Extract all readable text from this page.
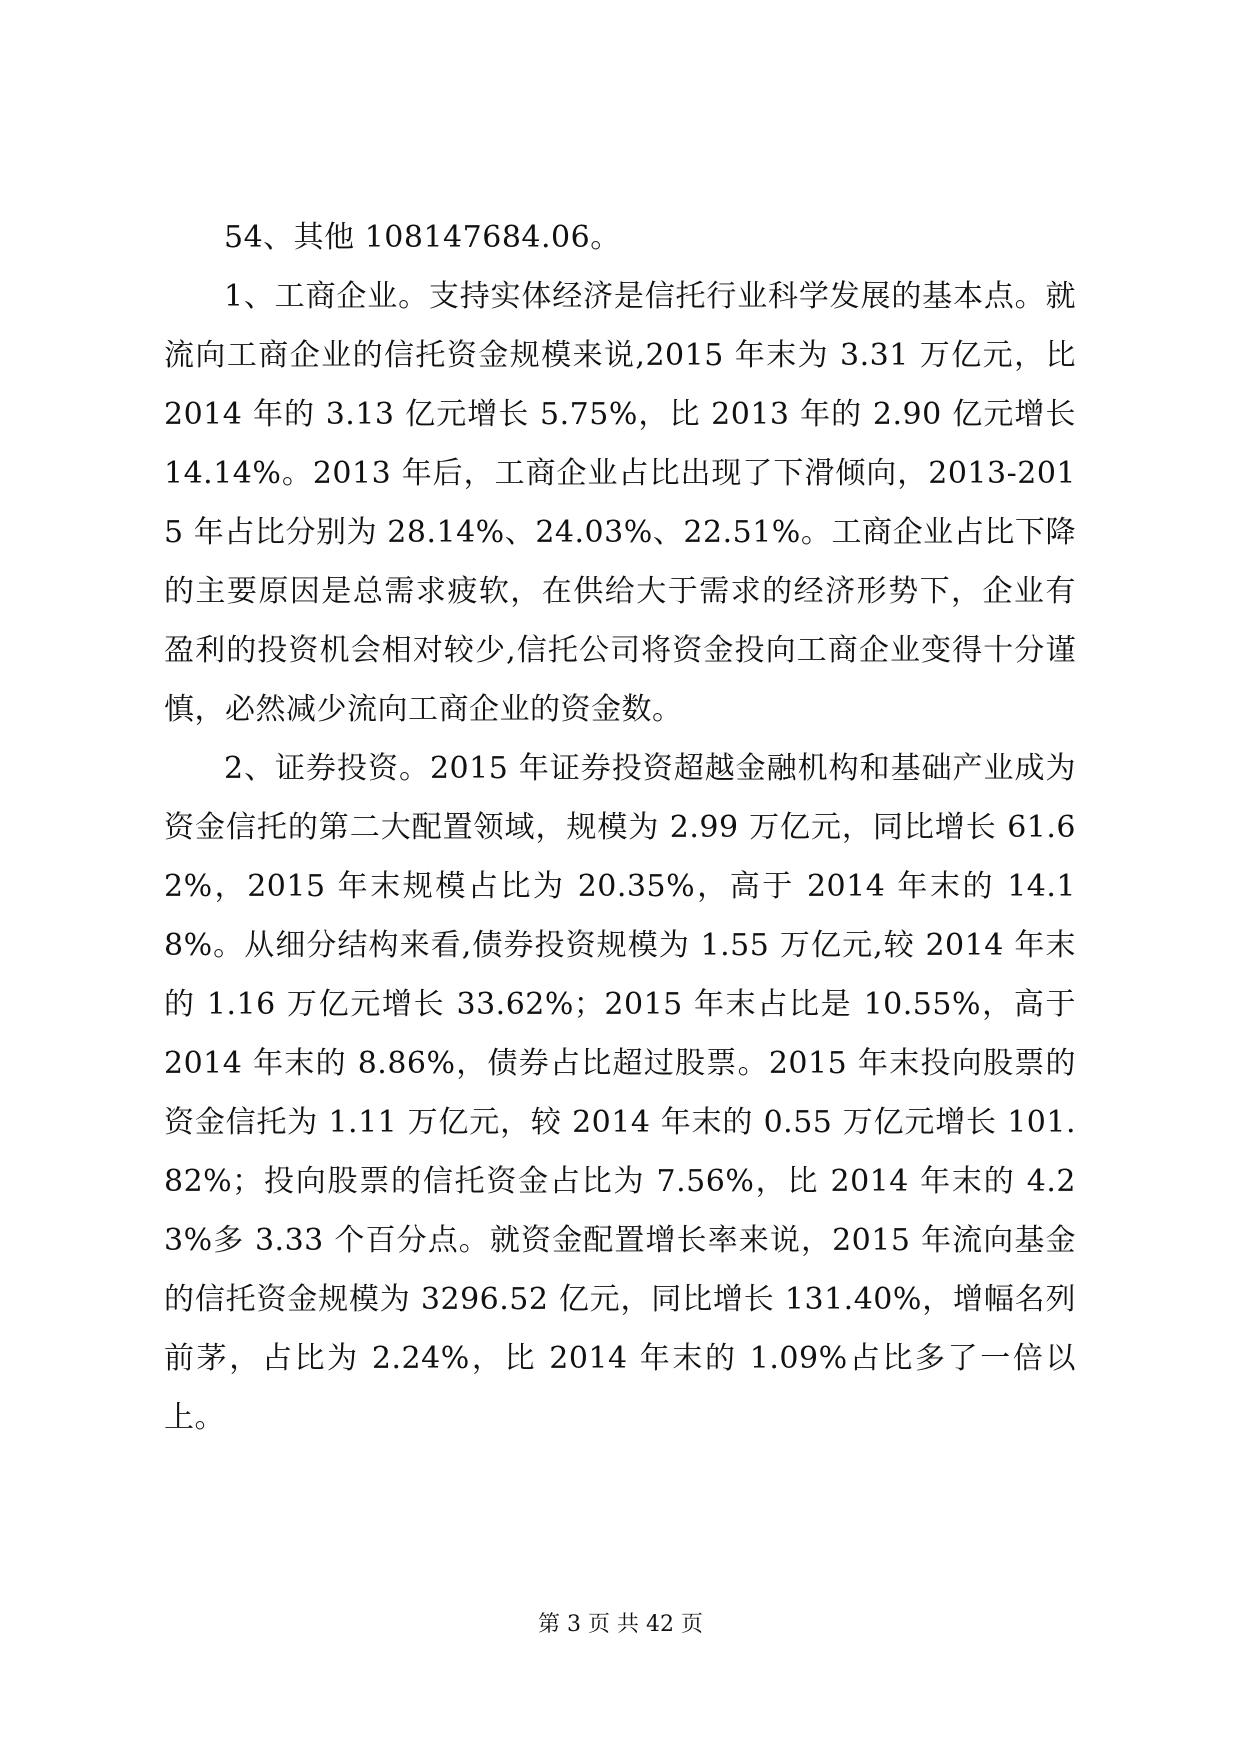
54、其他 108147684.06。

1、工商企业。支持实体经济是信托行业科学发展的基本点。就流向工商企业的信托资金规模来说,2015 年末为 3.31 万亿元，比 2014 年的 3.13 亿元增长 5.75%，比 2013 年的 2.90 亿元增长 14.14%。2013 年后，工商企业占比出现了下滑倾向，2013-2015 年占比分别为 28.14%、24.03%、22.51%。工商企业占比下降的主要原因是总需求疲软，在供给大于需求的经济形势下，企业有盈利的投资机会相对较少,信托公司将资金投向工商企业变得十分谨慎，必然减少流向工商企业的资金数。

2、证券投资。2015 年证券投资超越金融机构和基础产业成为资金信托的第二大配置领域，规模为 2.99 万亿元，同比增长 61.62%，2015 年末规模占比为 20.35%，高于 2014 年末的 14.18%。从细分结构来看,债券投资规模为 1.55 万亿元,较 2014 年末的 1.16 万亿元增长 33.62%；2015 年末占比是 10.55%，高于 2014 年末的 8.86%，债券占比超过股票。2015 年末投向股票的资金信托为 1.11 万亿元，较 2014 年末的 0.55 万亿元增长 101.82%；投向股票的信托资金占比为 7.56%，比 2014 年末的 4.23%多 3.33 个百分点。就资金配置增长率来说，2015 年流向基金的信托资金规模为 3296.52 亿元，同比增长 131.40%，增幅名列前茅，占比为 2.24%，比 2014 年末的 1.09%占比多了一倍以上。

第 3 页 共 42 页
